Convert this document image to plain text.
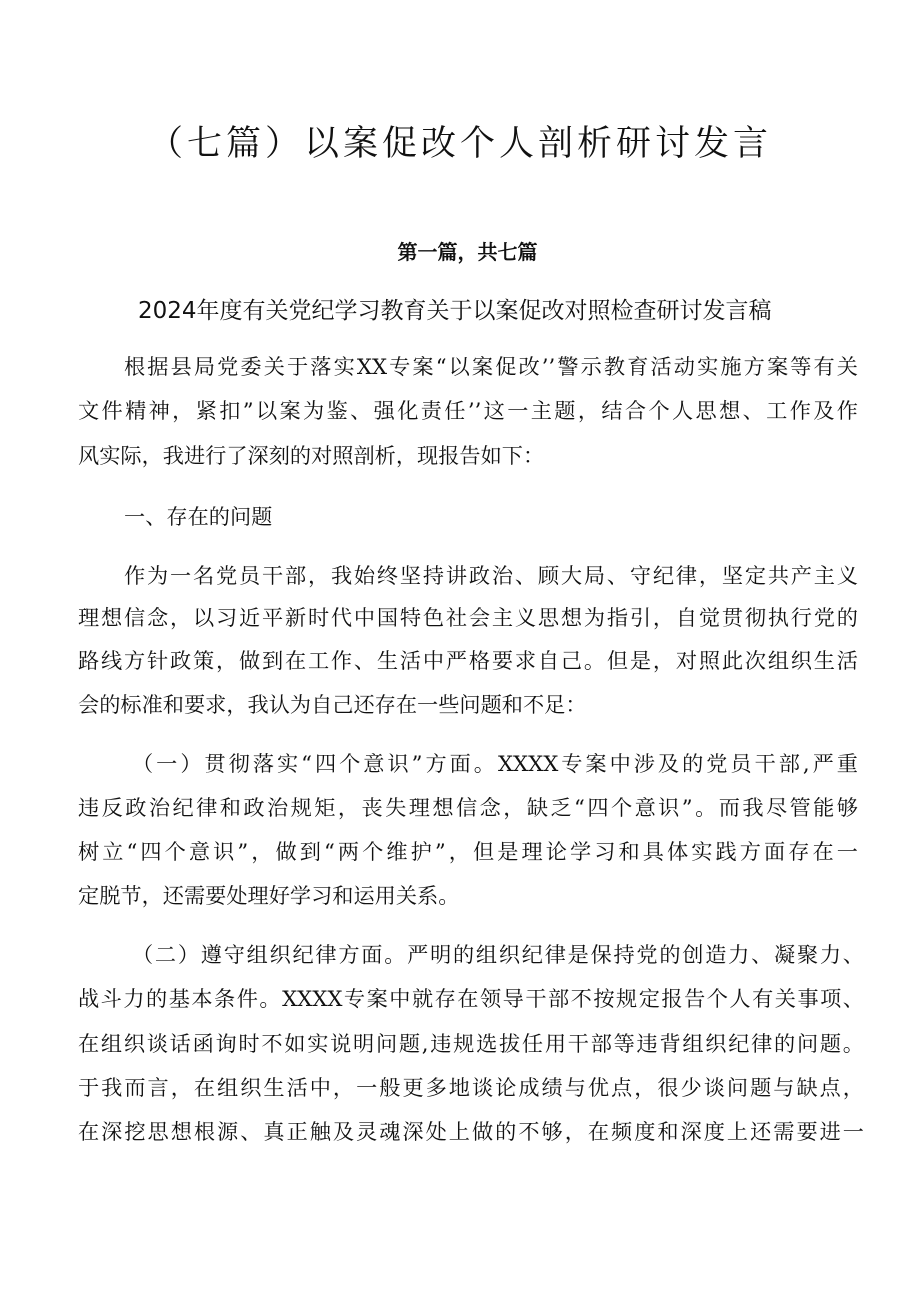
（七篇）以案促改个人剖析研讨发言
第一篇，共七篇
2024年度有关党纪学习教育关于以案促改对照检查研讨发言稿
根据县局党委关于落实XX专案“以案促改’’警示教育活动实施方案等有关
文件精神，紧扣”以案为鉴、强化责任’’这一主题，结合个人思想、工作及作
风实际，我进行了深刻的对照剖析，现报告如下：
一、存在的问题
作为一名党员干部，我始终坚持讲政治、顾大局、守纪律，坚定共产主义
理想信念，以习近平新时代中国特色社会主义思想为指引，自觉贯彻执行党的
路线方针政策，做到在工作、生活中严格要求自己。但是，对照此次组织生活
会的标准和要求，我认为自己还存在一些问题和不足：
（一）贯彻落实“四个意识”方面。XXXX专案中涉及的党员干部,严重
违反政治纪律和政治规矩，丧失理想信念，缺乏“四个意识”。而我尽管能够
树立“四个意识”，做到“两个维护”，但是理论学习和具体实践方面存在一
定脱节，还需要处理好学习和运用关系。
（二）遵守组织纪律方面。严明的组织纪律是保持党的创造力、凝聚力、
战斗力的基本条件。XXXX专案中就存在领导干部不按规定报告个人有关事项、
在组织谈话函询时不如实说明问题,违规选拔任用干部等违背组织纪律的问题。
于我而言，在组织生活中，一般更多地谈论成绩与优点，很少谈问题与缺点，
在深挖思想根源、真正触及灵魂深处上做的不够，在频度和深度上还需要进一
